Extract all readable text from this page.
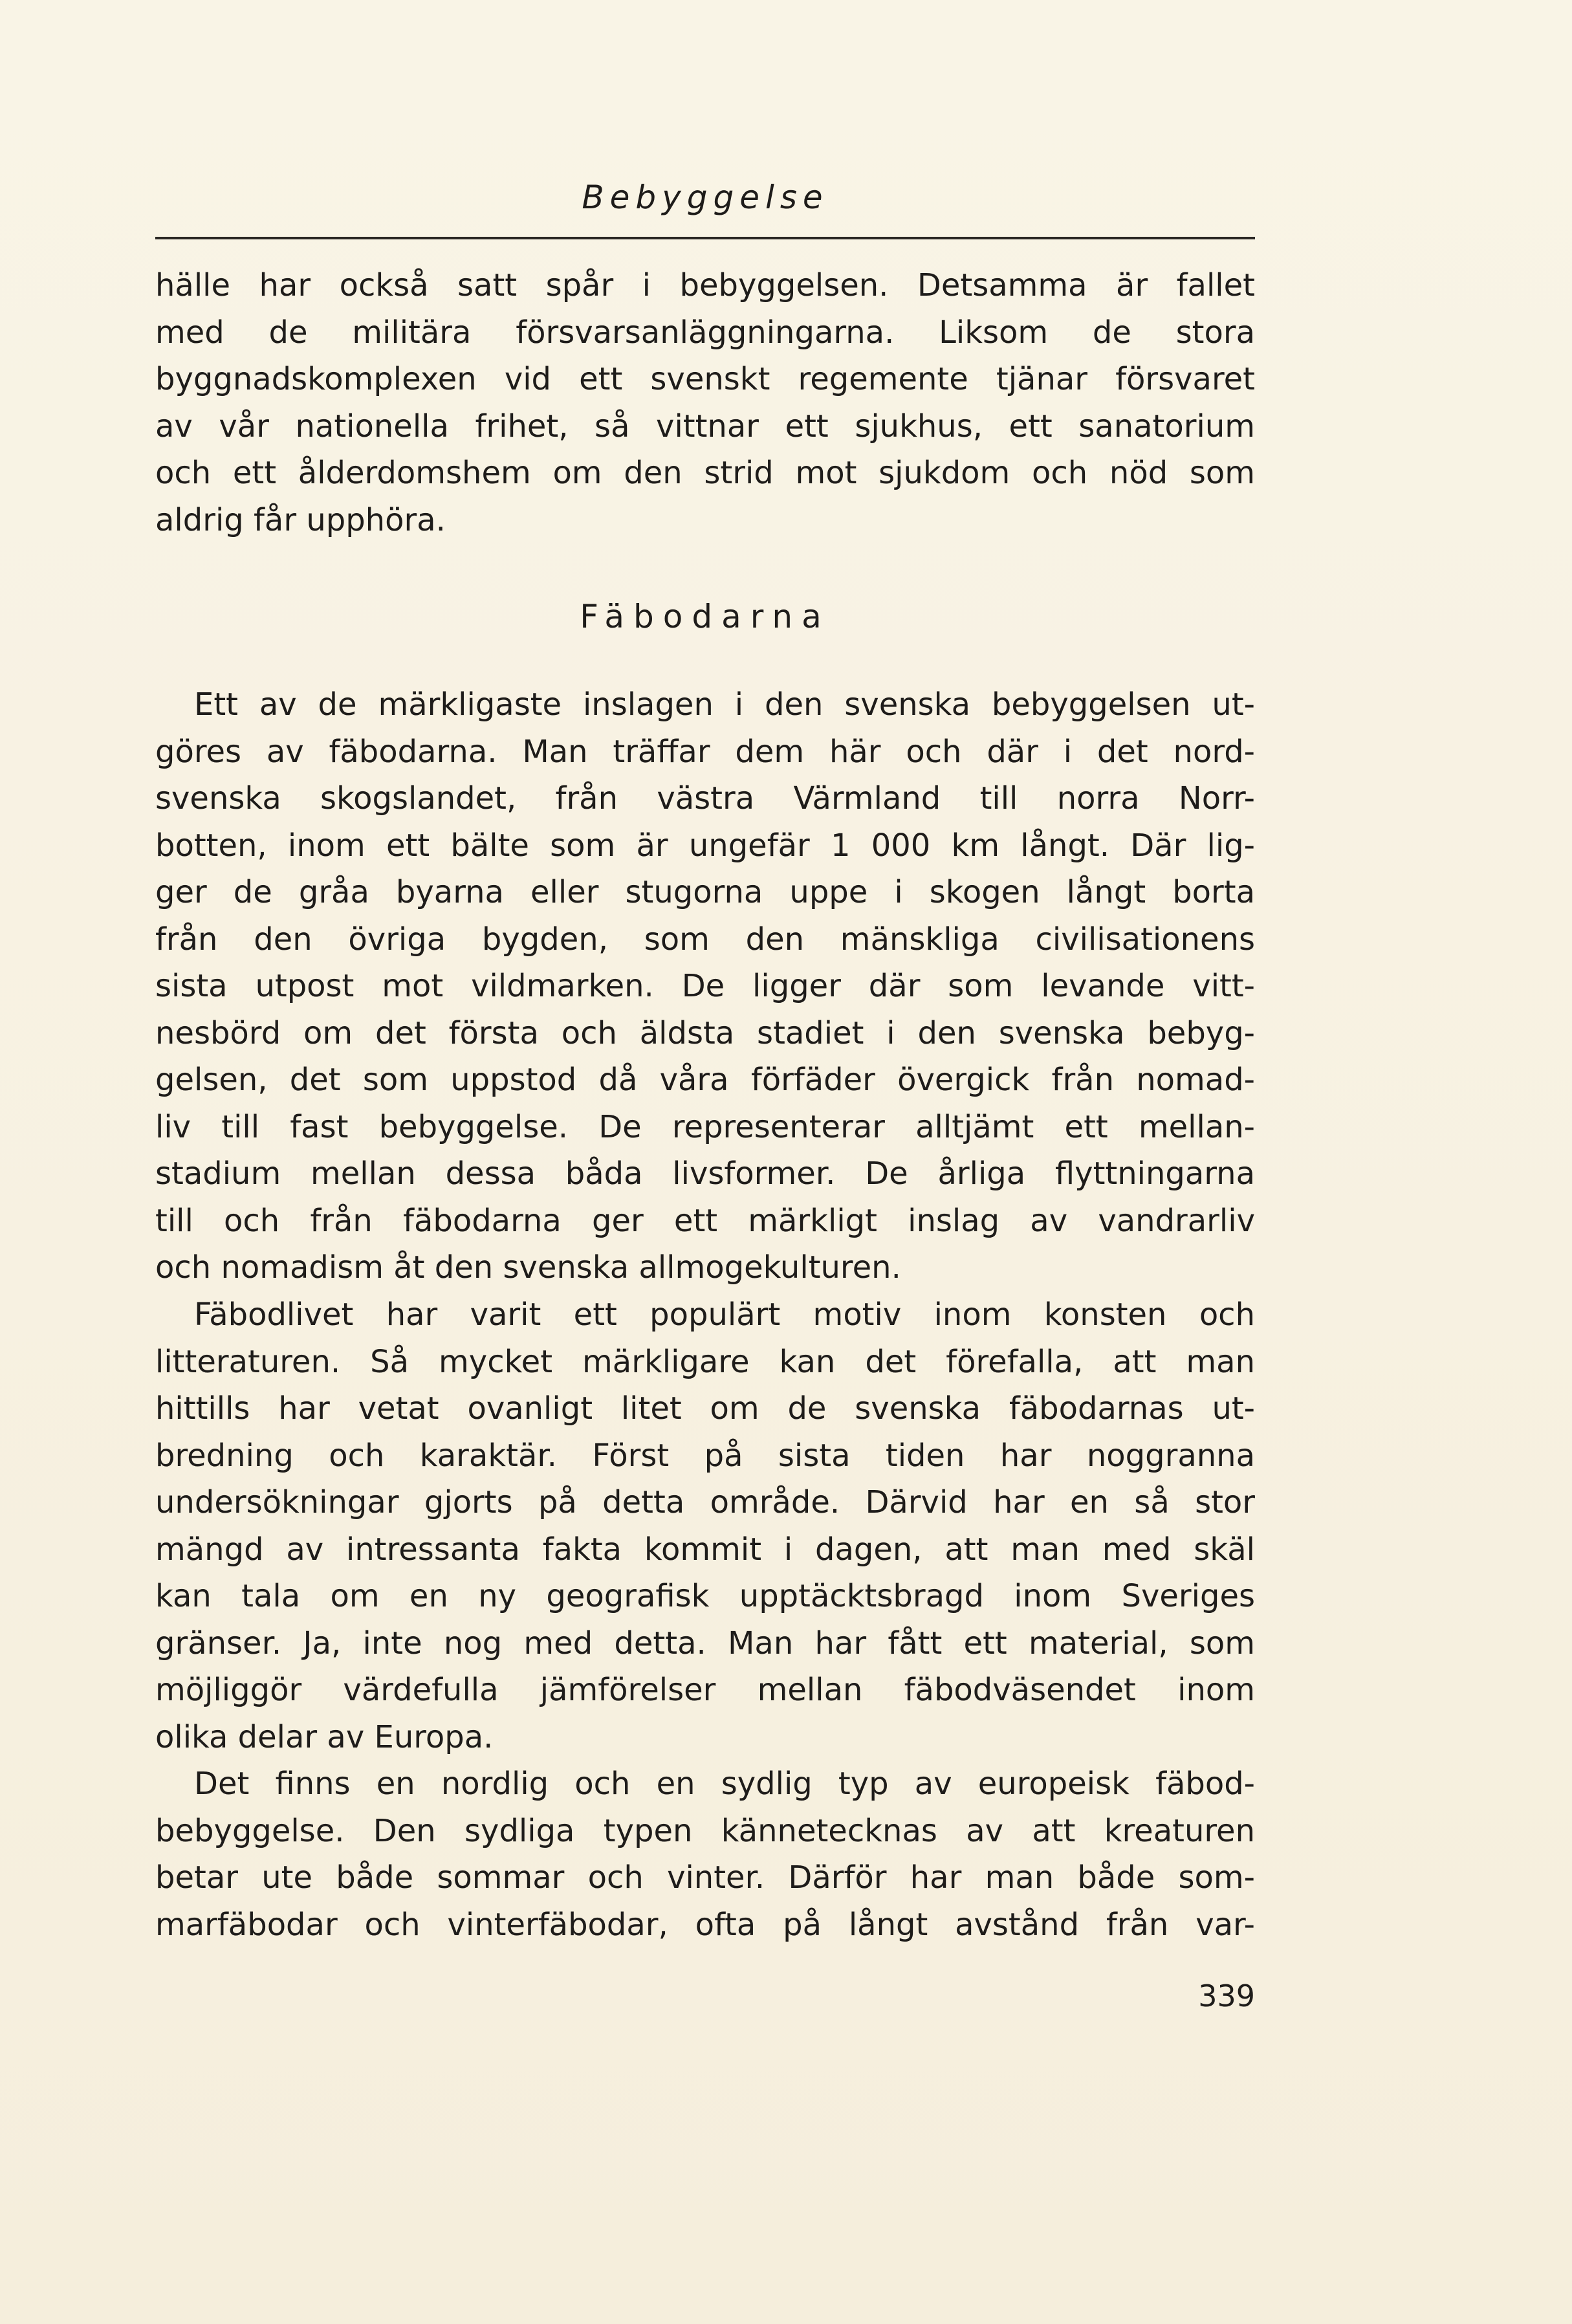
Bebyggelse
hälle har också satt spår i bebyggelsen. Detsamma är fallet
med de militära försvarsanläggningarna. Liksom de stora
byggnadskomplexen vid ett svenskt regemente tjänar försvaret
av vår nationella frihet, så vittnar ett sjukhus, ett sanatorium
och ett ålderdomshem om den strid mot sjukdom och nöd som
aldrig får upphöra.
Fäbodarna
Ett av de märkligaste inslagen i den svenska bebyggelsen ut-
göres av fäbodarna. Man träffar dem här och där i det nord-
svenska skogslandet, från västra Värmland till norra Norr-
botten, inom ett bälte som är ungefär 1 000 km långt. Där lig-
ger de gråa byarna eller stugorna uppe i skogen långt borta
från den övriga bygden, som den mänskliga civilisationens
sista utpost mot vildmarken. De ligger där som levande vitt-
nesbörd om det första och äldsta stadiet i den svenska bebyg-
gelsen, det som uppstod då våra förfäder övergick från nomad-
liv till fast bebyggelse. De representerar alltjämt ett mellan-
stadium mellan dessa båda livsformer. De årliga flyttningarna
till och från fäbodarna ger ett märkligt inslag av vandrarliv
och nomadism åt den svenska allmogekulturen.
Fäbodlivet har varit ett populärt motiv inom konsten och
litteraturen. Så mycket märkligare kan det förefalla, att man
hittills har vetat ovanligt litet om de svenska fäbodarnas ut-
bredning och karaktär. Först på sista tiden har noggranna
undersökningar gjorts på detta område. Därvid har en så stor
mängd av intressanta fakta kommit i dagen, att man med skäl
kan tala om en ny geografisk upptäcktsbragd inom Sveriges
gränser. Ja, inte nog med detta. Man har fått ett material, som
möjliggör värdefulla jämförelser mellan fäbodväsendet inom
olika delar av Europa.
Det finns en nordlig och en sydlig typ av europeisk fäbod-
bebyggelse. Den sydliga typen kännetecknas av att kreaturen
betar ute både sommar och vinter. Därför har man både som-
marfäbodar och vinterfäbodar, ofta på långt avstånd från var-
339
